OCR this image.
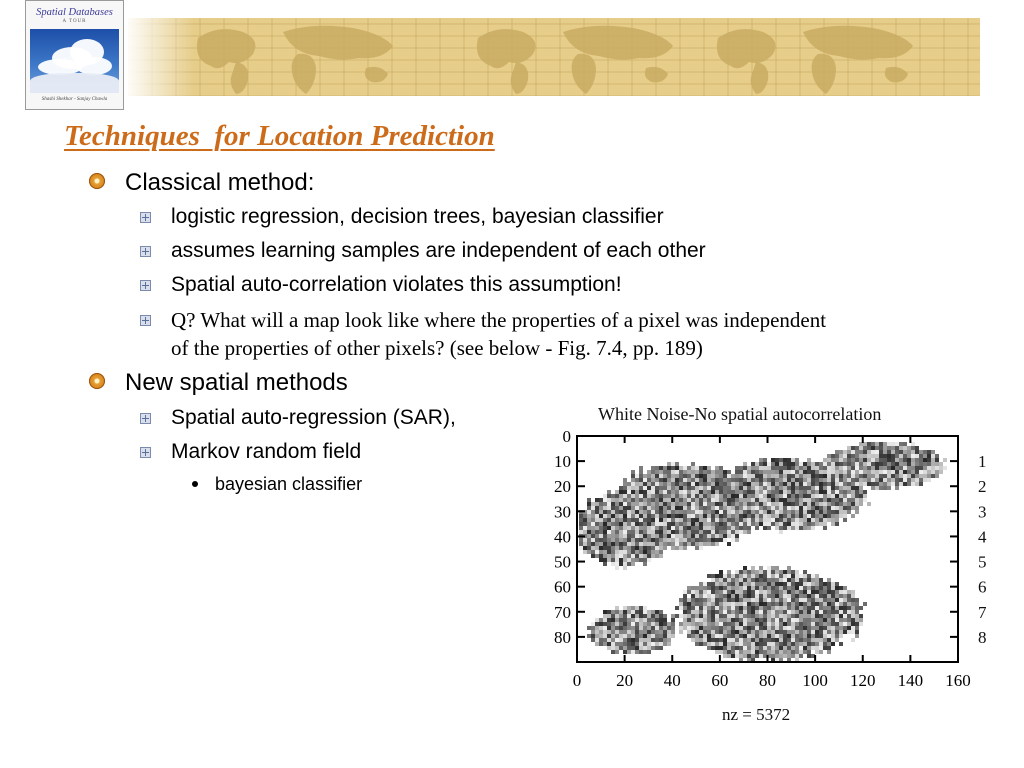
Spatial Databases
A TOUR
Shashi Shekhar - Sanjay Chawla
Techniques  for Location Prediction
Classical method:
logistic regression, decision trees, bayesian classifier
assumes learning samples are independent of each other
Spatial auto-correlation violates this assumption!
Q? What will a map look like where the properties of a pixel was independent
of the properties of other pixels? (see below - Fig. 7.4, pp. 189)
New spatial methods
Spatial auto-regression (SAR),
Markov random field
bayesian classifier
White Noise-No spatial autocorrelation
0
10
20
30
40
50
60
70
80
0 20 40 60 80 100 120 140 160
1
2
3
4
5
6
7
8
nz = 5372
